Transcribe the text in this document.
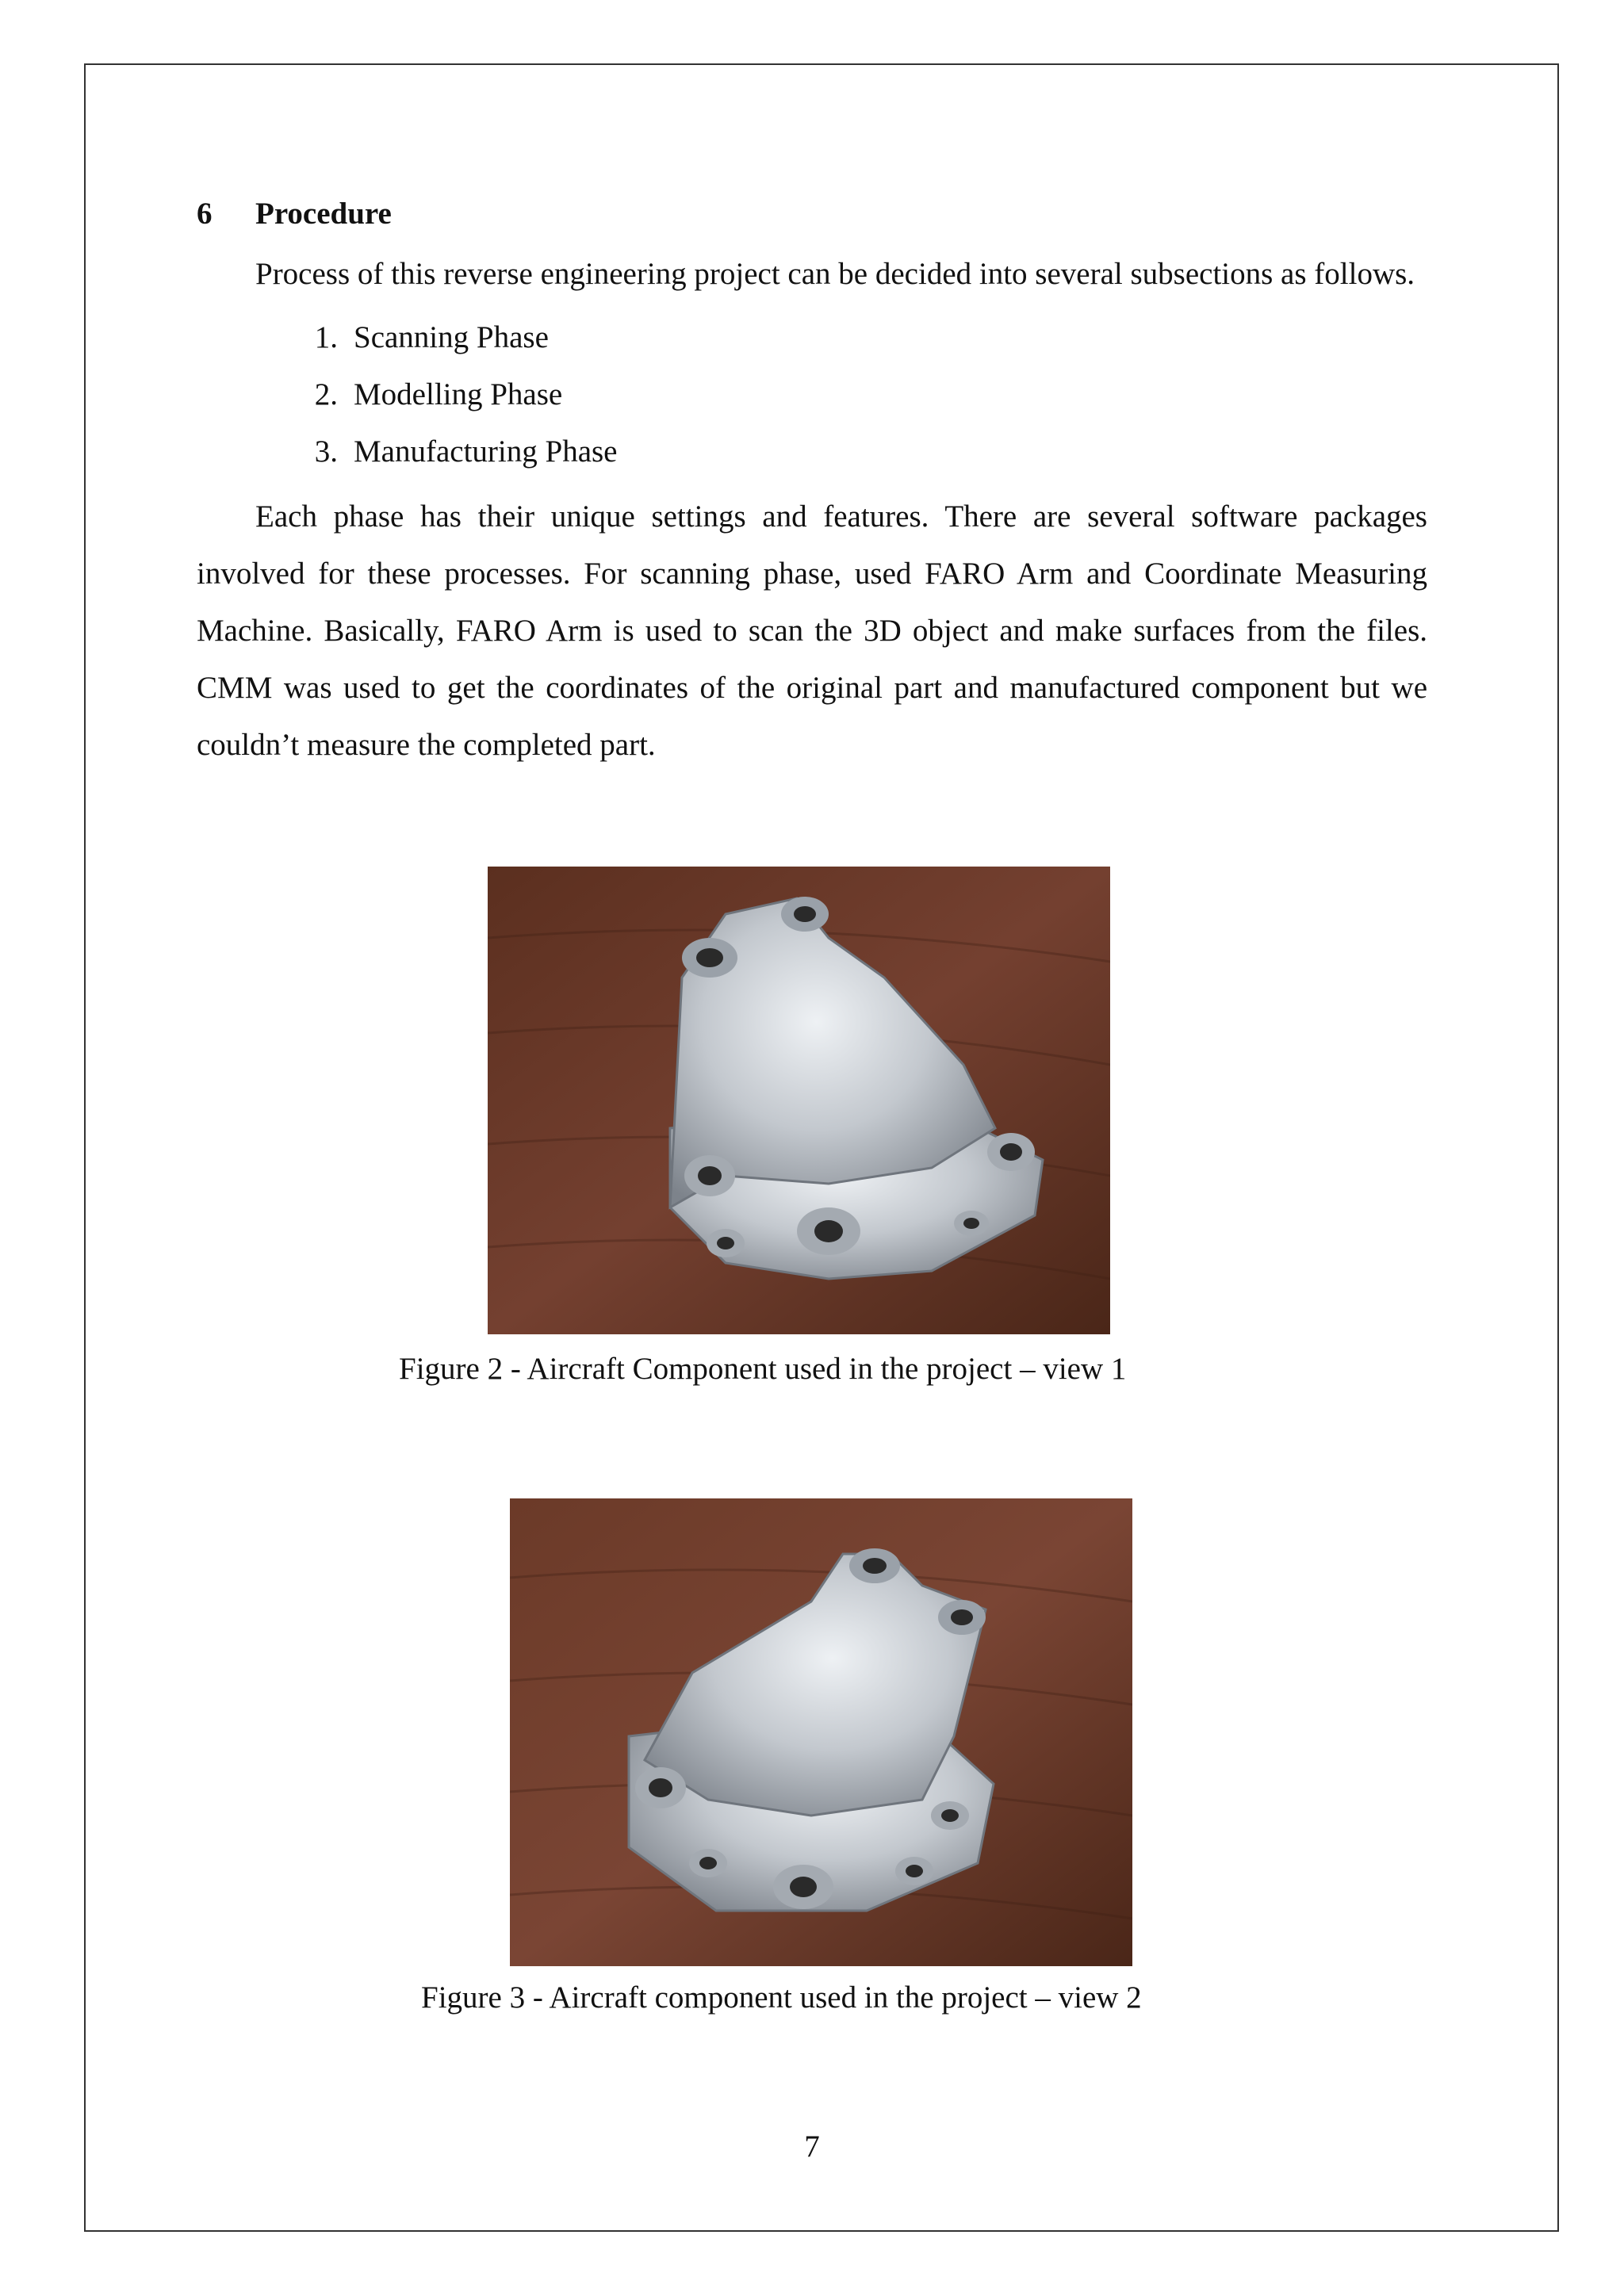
6	Procedure

Process of this reverse engineering project can be decided into several subsections as follows.

1. Scanning Phase
2. Modelling Phase
3. Manufacturing Phase

Each phase has their unique settings and features. There are several software packages involved for these processes. For scanning phase, used FARO Arm and Coordinate Measuring Machine. Basically, FARO Arm is used to scan the 3D object and make surfaces from the files. CMM was used to get the coordinates of the original part and manufactured component but we couldn’t measure the completed part.

Figure 2 - Aircraft Component used in the project – view 1
Figure 3 - Aircraft component used in the project – view 2
7
